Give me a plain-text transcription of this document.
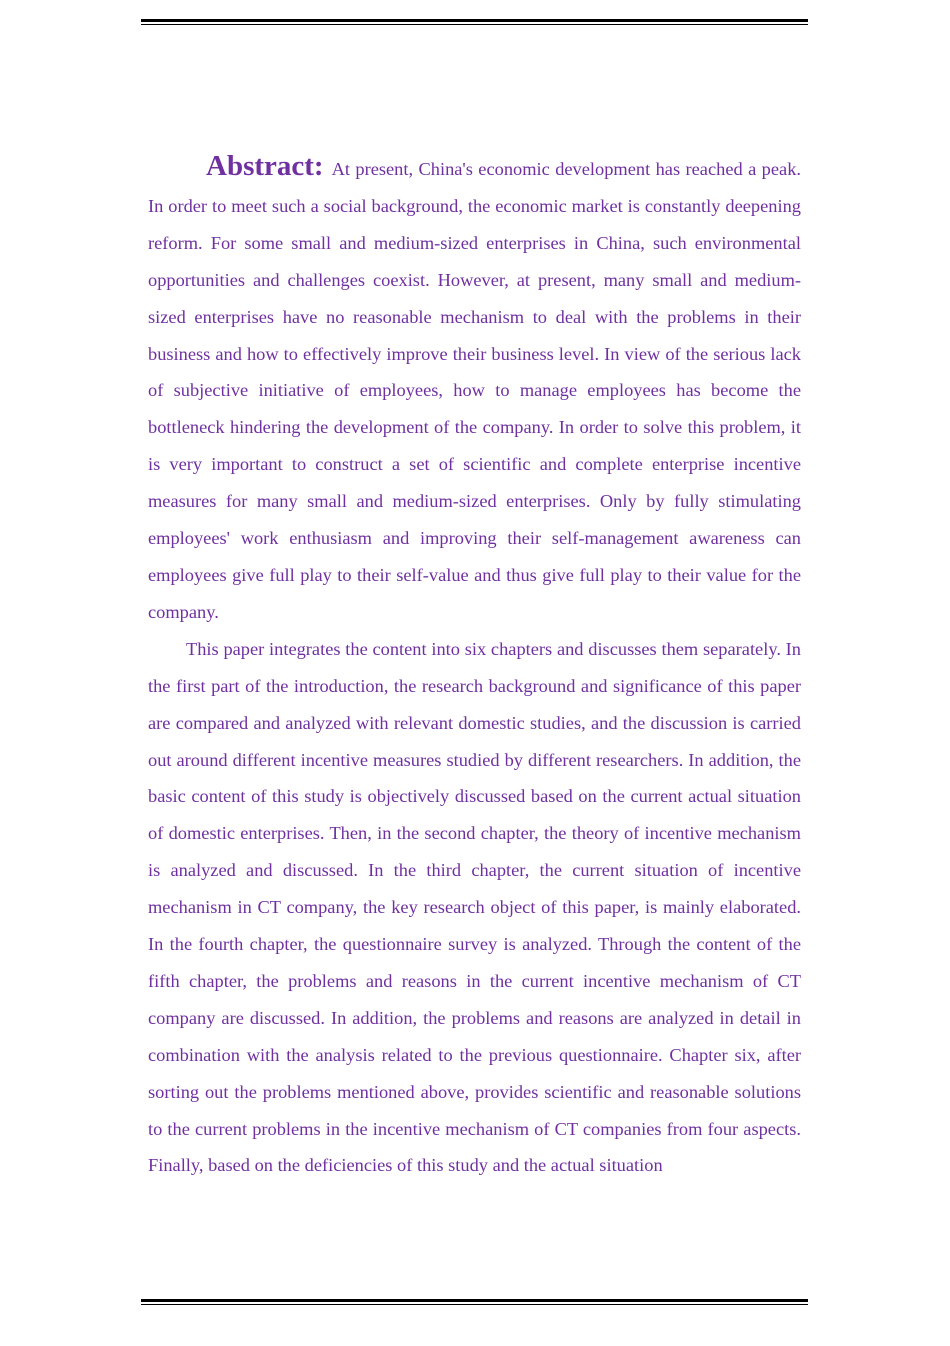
Abstract: At present, China's economic development has reached a peak. In order to meet such a social background, the economic market is constantly deepening reform. For some small and medium-sized enterprises in China, such environmental opportunities and challenges coexist. However, at present, many small and medium-sized enterprises have no reasonable mechanism to deal with the problems in their business and how to effectively improve their business level. In view of the serious lack of subjective initiative of employees, how to manage employees has become the bottleneck hindering the development of the company. In order to solve this problem, it is very important to construct a set of scientific and complete enterprise incentive measures for many small and medium-sized enterprises. Only by fully stimulating employees' work enthusiasm and improving their self-management awareness can employees give full play to their self-value and thus give full play to their value for the company.

This paper integrates the content into six chapters and discusses them separately. In the first part of the introduction, the research background and significance of this paper are compared and analyzed with relevant domestic studies, and the discussion is carried out around different incentive measures studied by different researchers. In addition, the basic content of this study is objectively discussed based on the current actual situation of domestic enterprises. Then, in the second chapter, the theory of incentive mechanism is analyzed and discussed. In the third chapter, the current situation of incentive mechanism in CT company, the key research object of this paper, is mainly elaborated. In the fourth chapter, the questionnaire survey is analyzed. Through the content of the fifth chapter, the problems and reasons in the current incentive mechanism of CT company are discussed. In addition, the problems and reasons are analyzed in detail in combination with the analysis related to the previous questionnaire. Chapter six, after sorting out the problems mentioned above, provides scientific and reasonable solutions to the current problems in the incentive mechanism of CT companies from four aspects. Finally, based on the deficiencies of this study and the actual situation
